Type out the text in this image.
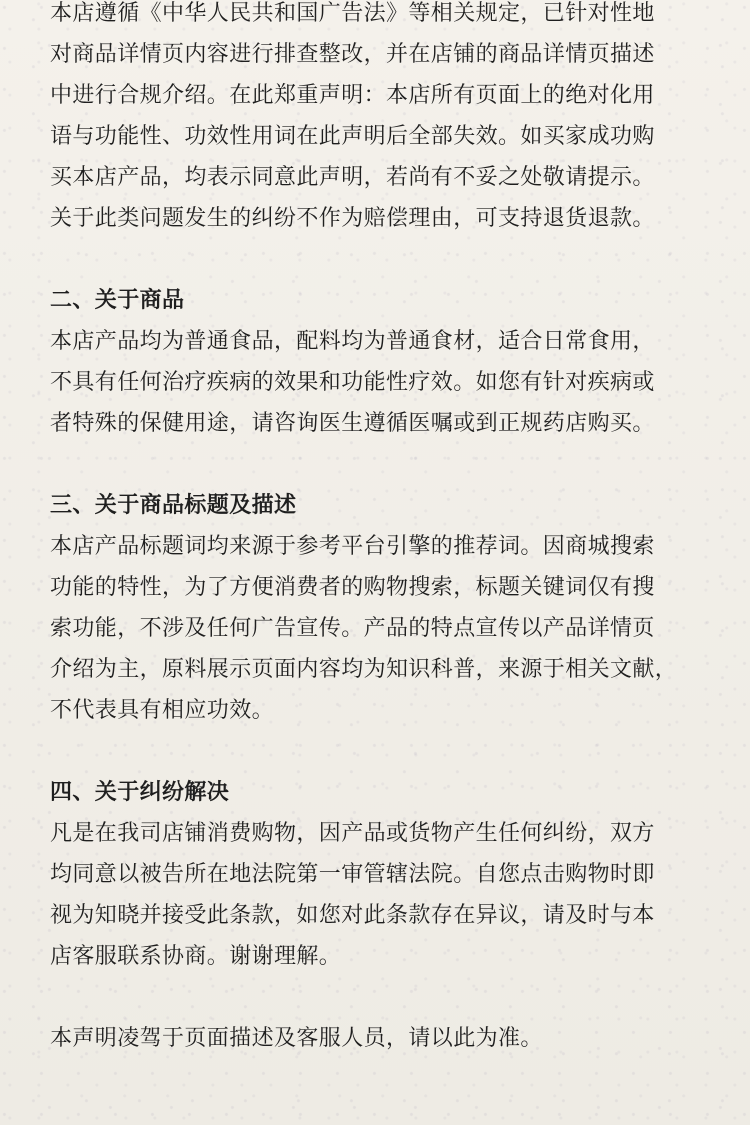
本店遵循《中华人民共和国广告法》等相关规定，已针对性地
对商品详情页内容进行排查整改，并在店铺的商品详情页描述
中进行合规介绍。在此郑重声明：本店所有页面上的绝对化用
语与功能性、功效性用词在此声明后全部失效。如买家成功购
买本店产品，均表示同意此声明，若尚有不妥之处敬请提示。
关于此类问题发生的纠纷不作为赔偿理由，可支持退货退款。

二、关于商品

本店产品均为普通食品，配料均为普通食材，适合日常食用，
不具有任何治疗疾病的效果和功能性疗效。如您有针对疾病或
者特殊的保健用途，请咨询医生遵循医嘱或到正规药店购买。

三、关于商品标题及描述

本店产品标题词均来源于参考平台引擎的推荐词。因商城搜索
功能的特性，为了方便消费者的购物搜索，标题关键词仅有搜
索功能，不涉及任何广告宣传。产品的特点宣传以产品详情页
介绍为主，原料展示页面内容均为知识科普，来源于相关文献，
不代表具有相应功效。

四、关于纠纷解决

凡是在我司店铺消费购物，因产品或货物产生任何纠纷，双方
均同意以被告所在地法院第一审管辖法院。自您点击购物时即
视为知晓并接受此条款，如您对此条款存在异议，请及时与本
店客服联系协商。谢谢理解。

本声明凌驾于页面描述及客服人员，请以此为准。
